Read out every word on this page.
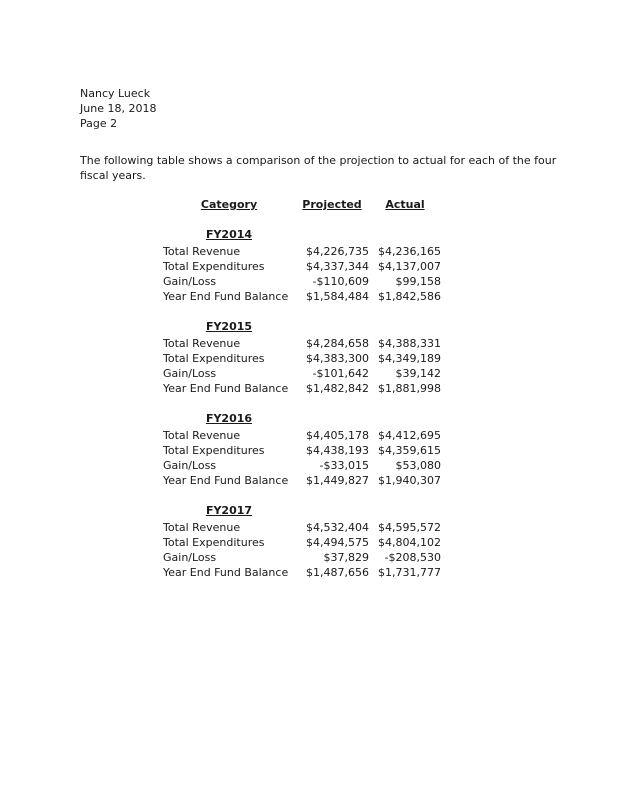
Nancy Lueck
June 18, 2018
Page 2
The following table shows a comparison of the projection to actual for each of the four
fiscal years.
Category	Projected	Actual
FY2014
Total Revenue	$4,226,735 $4,236,165
Total Expenditures	$4,337,344 $4,137,007
Gain/Loss	-$110,609	$99,158
Year End Fund Balance	$1,584,484 $1,842,586
FY2015
Total Revenue	$4,284,658 $4,388,331
Total Expenditures	$4,383,300 $4,349,189
Gain/Loss	-$101,642	$39,142
Year End Fund Balance	$1,482,842 $1,881,998
FY2016
Total Revenue	$4,405,178 $4,412,695
Total Expenditures	$4,438,193 $4,359,615
Gain/Loss	-$33,015	$53,080
Year End Fund Balance	$1,449,827 $1,940,307
FY2017
Total Revenue	$4,532,404 $4,595,572
Total Expenditures	$4,494,575 $4,804,102
Gain/Loss	$37,829	-$208,530
Year End Fund Balance	$1,487,656 $1,731,777
